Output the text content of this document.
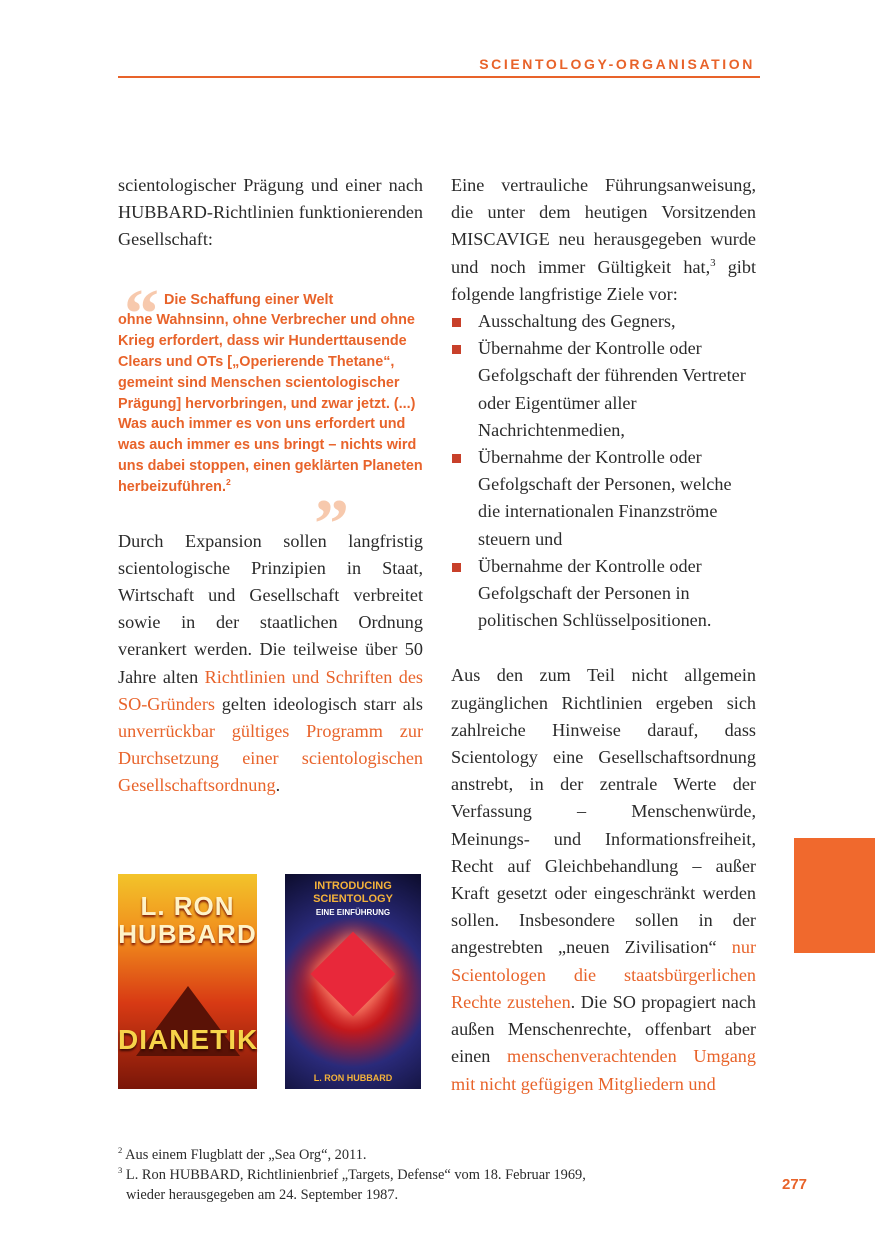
SCIENTOLOGY-ORGANISATION

scientologischer Prägung und einer nach HUBBARD-Richtlinien funktionierenden Gesellschaft:

“
”
Die Schaffung einer Welt
ohne Wahnsinn, ohne Verbrecher und ohne Krieg erfordert, dass wir Hunderttausende Clears und OTs [„Operierende Thetane“, gemeint sind Menschen scientologischer Prägung] hervorbringen, und zwar jetzt. (...) Was auch immer es von uns erfordert und was auch immer es uns bringt – nichts wird uns dabei stoppen, einen geklärten Planeten herbeizuführen.$^2$

Durch Expansion sollen langfristig scientologische Prinzipien in Staat, Wirtschaft und Gesellschaft verbreitet sowie in der staatlichen Ordnung verankert werden. Die teilweise über 50 Jahre alten Richtlinien und Schriften des SO-Gründers gelten ideologisch starr als unverrückbar gültiges Programm zur Durchsetzung einer scientologischen Gesellschaftsordnung.

L. RON HUBBARD
DIANETIK
INTRODUCING SCIENTOLOGY
EINE EINFÜHRUNG
L. RON HUBBARD

Eine vertrauliche Führungsanweisung, die unter dem heutigen Vorsitzenden MISCAVIGE neu herausgegeben wurde und noch immer Gültigkeit hat,$^3$ gibt folgende langfristige Ziele vor:

Ausschaltung des Gegners,
Übernahme der Kontrolle oder Gefolgschaft der führenden Vertreter oder Eigentümer aller Nachrichtenmedien,
Übernahme der Kontrolle oder Gefolgschaft der Personen, welche die internationalen Finanzströme steuern und
Übernahme der Kontrolle oder Gefolgschaft der Personen in politischen Schlüsselpositionen.

Aus den zum Teil nicht allgemein zugänglichen Richtlinien ergeben sich zahlreiche Hinweise darauf, dass Scientology eine Gesellschaftsordnung anstrebt, in der zentrale Werte der Verfassung – Menschenwürde, Meinungs- und Informationsfreiheit, Recht auf Gleichbehandlung – außer Kraft gesetzt oder eingeschränkt werden sollen. Insbesondere sollen in der angestrebten „neuen Zivilisation“ nur Scientologen die staatsbürgerlichen Rechte zustehen. Die SO propagiert nach außen Menschenrechte, offenbart aber einen menschenverachtenden Umgang mit nicht gefügigen Mitgliedern und

$^2$ Aus einem Flugblatt der „Sea Org“, 2011.
$^3$ L. Ron HUBBARD, Richtlinienbrief „Targets, Defense“ vom 18. Februar 1969,
wieder herausgegeben am 24. September 1987.
277
